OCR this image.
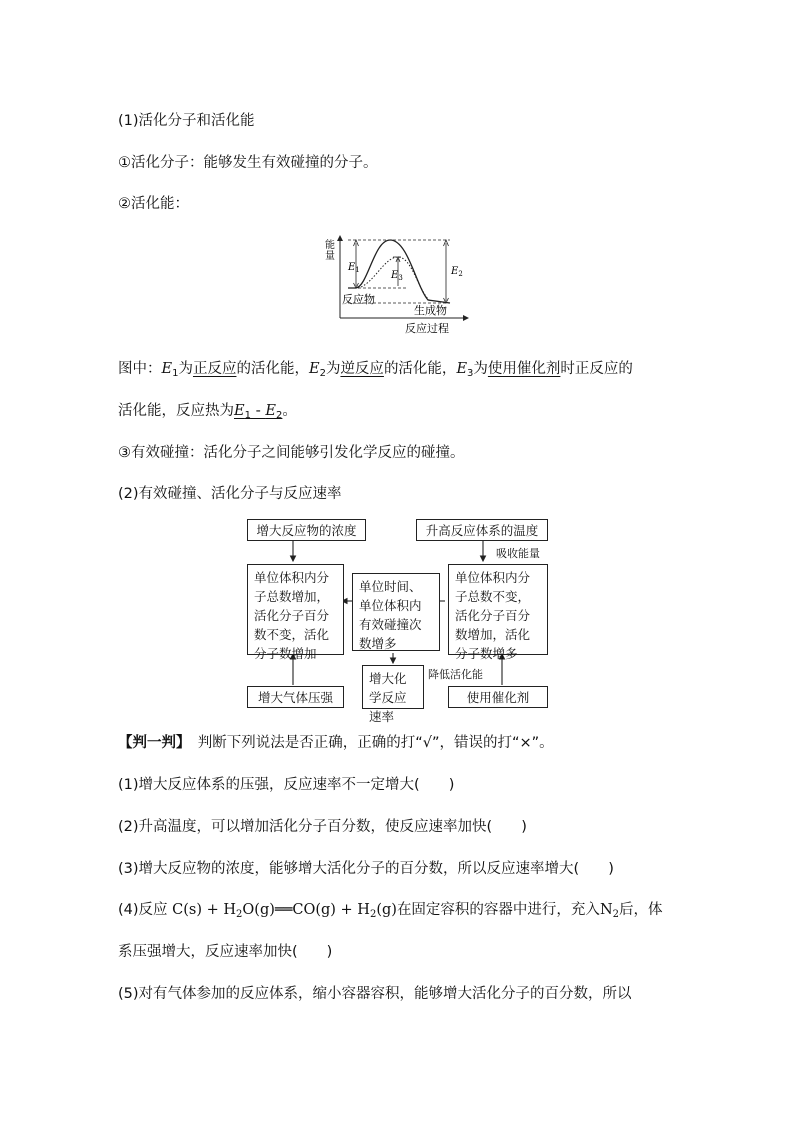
(1)活化分子和活化能
①活化分子：能够发生有效碰撞的分子。
②活化能：
能量
$E_1$	$E_3$
$E_2$
反应物
生成物
反应过程
图中：$E_1$为正反应的活化能，$E_2$为逆反应的活化能，$E_3$为使用催化剂时正反应的
活化能，反应热为$E_1 - E_2$。
③有效碰撞：活化分子之间能够引发化学反应的碰撞。
(2)有效碰撞、活化分子与反应速率
增大反应物的浓度	升高反应体系的温度
吸收能量
单位体积内分子总数增加，活化分子百分数不变，活化分子数增加
单位时间、单位体积内有效碰撞次数增多
单位体积内分子总数不变，活化分子百分数增加，活化分子数增多
增大化学反应速率
降低活化能
增大气体压强	使用催化剂
【判一判】　 判断下列说法是否正确，正确的打“√”，错误的打“×”。
(1)增大反应体系的压强，反应速率不一定增大(　　)
(2)升高温度，可以增加活化分子百分数，使反应速率加快(　　)
(3)增大反应物的浓度，能够增大活化分子的百分数，所以反应速率增大(　　)
(4)反应 $C(s) + H_2O(g)══CO(g) + H_2(g)$在固定容积的容器中进行，充入$N_2$后，体
系压强增大，反应速率加快(　　)
(5)对有气体参加的反应体系，缩小容器容积，能够增大活化分子的百分数，所以
